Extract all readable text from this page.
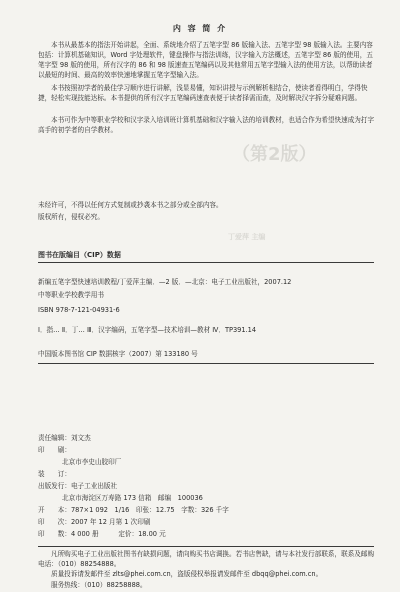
（第2版）
丁爱萍 主编
内 容 简 介
本书从最基本的指法开始讲起，全面、系统地介绍了五笔字型 86 版输入法、五笔字型 98 版输入法。主要内容包括：计算机基础知识，Word 字处理软件，键盘操作与指法训练，汉字输入方法概述，五笔字型 86 版的使用，五笔字型 98 版的使用，所有汉字的 86 和 98 版速查五笔编码以及其他常用五笔字型输入法的使用方法，以帮助读者以最短的时间、最高的效率快速地掌握五笔字型输入法。
本书按照初学者的最佳学习顺序进行讲解，浅显易懂，知识讲授与示例解析相结合，使读者看得明白，学得快捷，轻松实现技能达标。本书提供的所有汉字五笔编码速查表便于读者择需而查，及时解决汉字拆分疑难问题。
本书可作为中等职业学校和汉字录入培训班计算机基础和汉字输入法的培训教材，也适合作为希望快速成为打字高手的初学者的自学教材。
未经许可，不得以任何方式复制或抄袭本书之部分或全部内容。
版权所有，侵权必究。
图书在版编目（CIP）数据
新编五笔字型快速培训教程/丁爱萍主编．—2 版．—北京：电子工业出版社，2007.12
中等职业学校教学用书
ISBN 978-7-121-04931-6
Ⅰ．指… Ⅱ．丁… Ⅲ．汉字编码，五笔字型—技术培训—教材 Ⅳ．TP391.14
中国版本图书馆 CIP 数据核字（2007）第 133180 号
责任编辑：刘文杰
印　　刷：
北京市李史山胶印厂
装　　订：
出版发行：电子工业出版社
北京市海淀区万寿路 173 信箱　邮编　100036
开　　本：787×1 092　1/16　印张：12.75　字数：326 千字
印　　次：2007 年 12 月第 1 次印刷
印　　数：4 000 册　　　定价：18.00 元
凡所购买电子工业出版社图书有缺损问题，请向购买书店调换。若书店售缺，请与本社发行部联系，联系及邮购电话：（010）88254888。
质量投诉请发邮件至 zlts@phei.com.cn，盗版侵权举报请发邮件至 dbqq@phei.com.cn。
服务热线：（010）88258888。
